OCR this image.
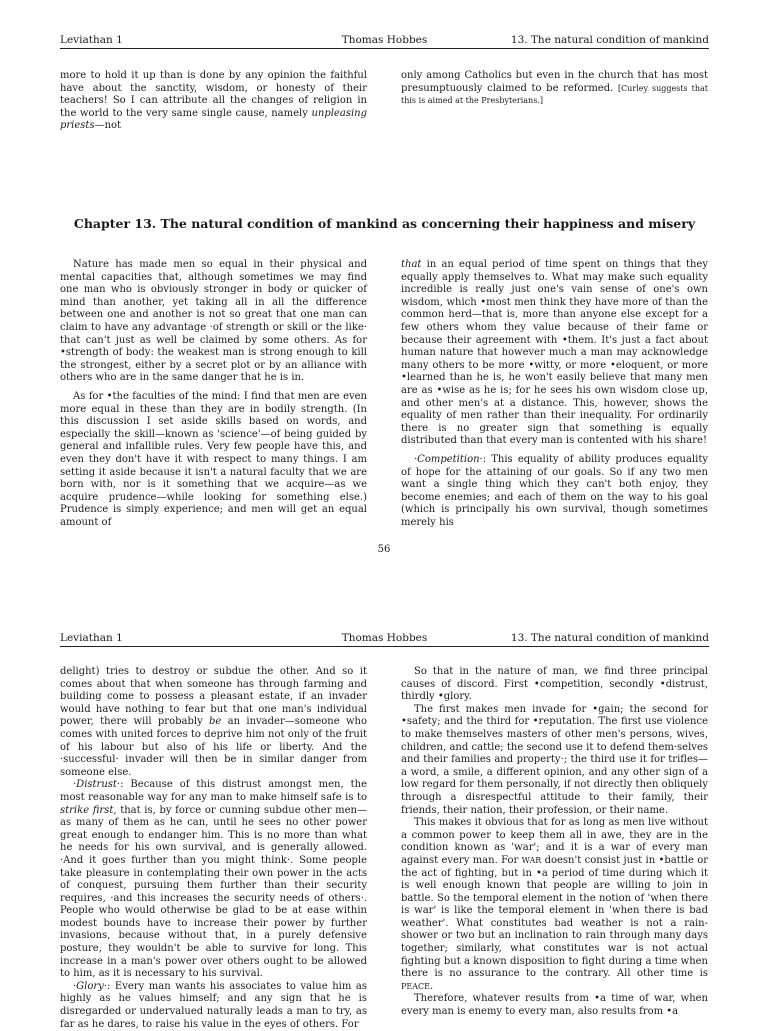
Leviathan 1	Thomas Hobbes	13. The natural condition of mankind

more to hold it up than is done by any opinion the faithful have about the sanctity, wisdom, or honesty of their teachers! So I can attribute all the changes of religion in the world to the very same single cause, namely unpleasing priests—not

only among Catholics but even in the church that has most presumptuously claimed to be reformed. [Curley suggests that this is aimed at the Presbyterians.]

Chapter 13. The natural condition of mankind as concerning their happiness and misery

Nature has made men so equal in their physical and mental capacities that, although sometimes we may find one man who is obviously stronger in body or quicker of mind than another, yet taking all in all the difference between one and another is not so great that one man can claim to have any advantage ·of strength or skill or the like· that can't just as well be claimed by some others. As for •strength of body: the weakest man is strong enough to kill the strongest, either by a secret plot or by an alliance with others who are in the same danger that he is in.

As for •the faculties of the mind: I find that men are even more equal in these than they are in bodily strength. (In this discussion I set aside skills based on words, and especially the skill—known as 'science'—of being guided by general and infallible rules. Very few people have this, and even they don't have it with respect to many things. I am setting it aside because it isn't a natural faculty that we are born with, nor is it something that we acquire—as we acquire prudence—while looking for something else.) Prudence is simply experience; and men will get an equal amount of

that in an equal period of time spent on things that they equally apply themselves to. What may make such equality incredible is really just one's vain sense of one's own wisdom, which •most men think they have more of than the common herd—that is, more than anyone else except for a few others whom they value because of their fame or because their agreement with •them. It's just a fact about human nature that however much a man may acknowledge many others to be more •witty, or more •eloquent, or more •learned than he is, he won't easily believe that many men are as •wise as he is; for he sees his own wisdom close up, and other men's at a distance. This, however, shows the equality of men rather than their inequality. For ordinarily there is no greater sign that something is equally distributed than that every man is contented with his share!

·Competition·: This equality of ability produces equality of hope for the attaining of our goals. So if any two men want a single thing which they can't both enjoy, they become enemies; and each of them on the way to his goal (which is principally his own survival, though sometimes merely his

56
Leviathan 1	Thomas Hobbes	13. The natural condition of mankind

delight) tries to destroy or subdue the other. And so it comes about that when someone has through farming and building come to possess a pleasant estate, if an invader would have nothing to fear but that one man's individual power, there will probably be an invader—someone who comes with united forces to deprive him not only of the fruit of his labour but also of his life or liberty. And the ·successful· invader will then be in similar danger from someone else.

·Distrust·: Because of this distrust amongst men, the most reasonable way for any man to make himself safe is to strike first, that is, by force or cunning subdue other men—as many of them as he can, until he sees no other power great enough to endanger him. This is no more than what he needs for his own survival, and is generally allowed. ·And it goes further than you might think·. Some people take pleasure in contemplating their own power in the acts of conquest, pursuing them further than their security requires, ·and this increases the security needs of others·. People who would otherwise be glad to be at ease within modest bounds have to increase their power by further invasions, because without that, in a purely defensive posture, they wouldn't be able to survive for long. This increase in a man's power over others ought to be allowed to him, as it is necessary to his survival.

·Glory·: Every man wants his associates to value him as highly as he values himself; and any sign that he is disregarded or undervalued naturally leads a man to try, as far as he dares, to raise his value in the eyes of others. For

So that in the nature of man, we find three principal causes of discord. First •competition, secondly •distrust, thirdly •glory.

The first makes men invade for •gain; the second for •safety; and the third for •reputation. The first use violence to make themselves masters of other men's persons, wives, children, and cattle; the second use it to defend them·selves and their families and property·; the third use it for trifles—a word, a smile, a different opinion, and any other sign of a low regard for them personally, if not directly then obliquely through a disrespectful attitude to their family, their friends, their nation, their profession, or their name.

This makes it obvious that for as long as men live without a common power to keep them all in awe, they are in the condition known as 'war'; and it is a war of every man against every man. For WAR doesn't consist just in •battle or the act of fighting, but in •a period of time during which it is well enough known that people are willing to join in battle. So the temporal element in the notion of 'when there is war' is like the temporal element in 'when there is bad weather'. What constitutes bad weather is not a rain-shower or two but an inclination to rain through many days together; similarly, what constitutes war is not actual fighting but a known disposition to fight during a time when there is no assurance to the contrary. All other time is PEACE.

Therefore, whatever results from •a time of war, when every man is enemy to every man, also results from •a
